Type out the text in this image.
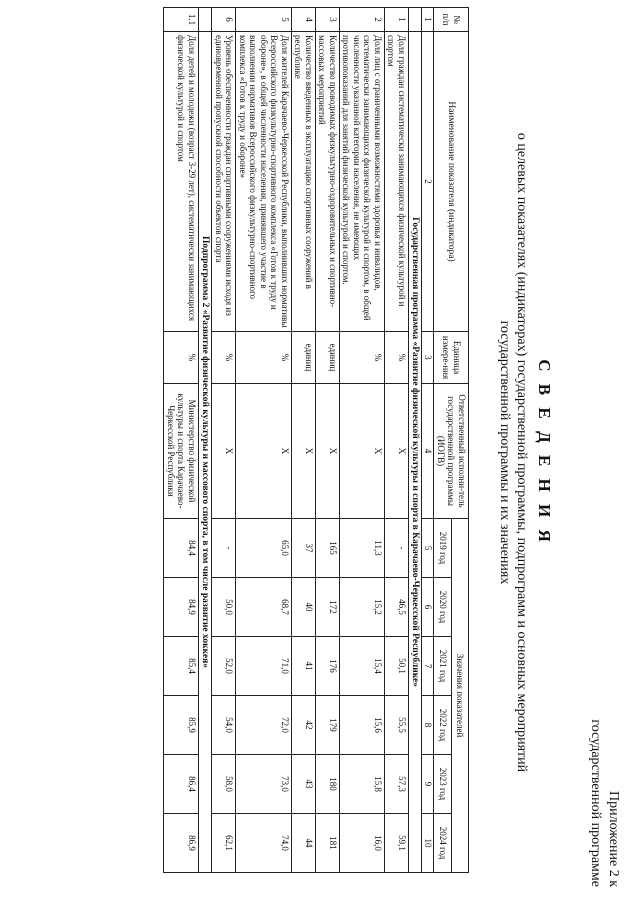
Приложение 2 к
государственной программе
С В Е Д Е Н И Я
о целевых показателях (индикаторах) государственной программы, подпрограмм и основных мероприятий государственной программы и их значениях
№ п/п	Наименование показателя (индикатора)	Единица измере-ния	Ответственный исполни-тель государственной программы (ИОГВ)	Значения показателей					
				2019 год	2020 год	2021 год	2022 год	2023 год	2024 год
1	2	3	4	5	6	7	8	9	10
	Государственная программа «Развитие физической культуры и спорта в Карачаево-Черкесской Республике»								
1	Доля граждан систематически занимающихся физической культурой и спортом	%	X	-	46,5	50,1	55,5	57,3	59,1
2	Доля лиц с ограниченными возможностями здоровья и инвалидов, систематически занимающихся физической культурой и спортом, в общей численности указанной категории населения, не имеющих противопоказаний для занятий физической культурой и спортом.	%	X	11,3	15,2	15,4	15,6	15,8	16,0
3	Количество проводимых физкультурно-оздоровительных и спортивно-массовых мероприятий	единиц	X	165	172	176	179	180	181
4	Количество введенных в эксплуатацию спортивных сооружений в республике	единиц	X	37	40	41	42	43	44
5	Доля жителей Карачаево-Черкесской Республики, выполнивших нормативы Всероссийского физкультурно-спортивного комплекса «Готов к труду и обороне», в общей численности населения, принявшего участие в выполнении нормативов Всероссийского физкультурно-спортивного комплекса «Готов к труду и обороне»	%	X	65,0	68,7	71,0	72,0	73,0	74,0
6	Уровень обеспеченности граждан спортивными сооружениями исходя из единовременной пропускной способности объектов спорта	%	X	-	50,0	52,0	54,0	58,0	62,1
	Подпрограмма 2 «Развитие физической культуры и массового спорта, в том числе развитие хоккея»								
1.1	Доля детей и молодежи (возраст 3-29 лет), систематически занимающихся физической культурой и спортом	%	Министерство физической культуры и спорта Карачаево-Черкесской Республики	84,4	84,9	85,4	85,9	86,4	86,9
